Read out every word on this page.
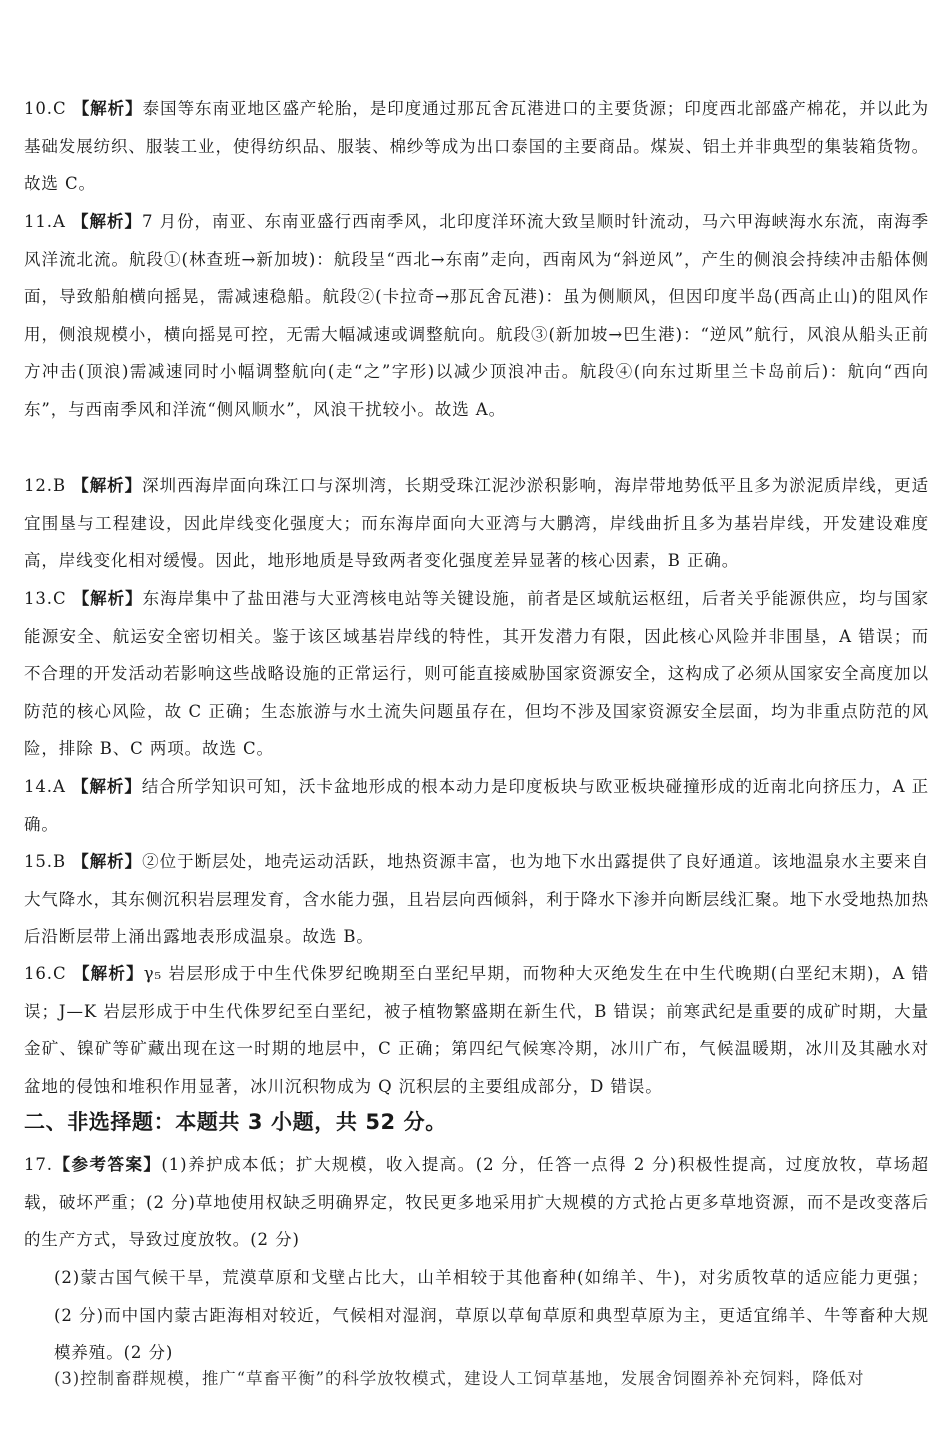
10.C 【解析】泰国等东南亚地区盛产轮胎，是印度通过那瓦舍瓦港进口的主要货源；印度西北部盛产棉花，并以此为基础发展纺织、服装工业，使得纺织品、服装、棉纱等成为出口泰国的主要商品。煤炭、铝土并非典型的集装箱货物。故选 C。
11.A 【解析】7 月份，南亚、东南亚盛行西南季风，北印度洋环流大致呈顺时针流动，马六甲海峡海水东流，南海季风洋流北流。航段①(林查班→新加坡)：航段呈“西北→东南”走向，西南风为“斜逆风”，产生的侧浪会持续冲击船体侧面，导致船舶横向摇晃，需减速稳船。航段②(卡拉奇→那瓦舍瓦港)：虽为侧顺风，但因印度半岛(西高止山)的阻风作用，侧浪规模小，横向摇晃可控，无需大幅减速或调整航向。航段③(新加坡→巴生港)：“逆风”航行，风浪从船头正前方冲击(顶浪)需减速同时小幅调整航向(走“之”字形)以减少顶浪冲击。航段④(向东过斯里兰卡岛前后)：航向“西向东”，与西南季风和洋流“侧风顺水”，风浪干扰较小。故选 A。
12.B 【解析】深圳西海岸面向珠江口与深圳湾，长期受珠江泥沙淤积影响，海岸带地势低平且多为淤泥质岸线，更适宜围垦与工程建设，因此岸线变化强度大；而东海岸面向大亚湾与大鹏湾，岸线曲折且多为基岩岸线，开发建设难度高，岸线变化相对缓慢。因此，地形地质是导致两者变化强度差异显著的核心因素，B 正确。
13.C 【解析】东海岸集中了盐田港与大亚湾核电站等关键设施，前者是区域航运枢纽，后者关乎能源供应，均与国家能源安全、航运安全密切相关。鉴于该区域基岩岸线的特性，其开发潜力有限，因此核心风险并非围垦，A 错误；而不合理的开发活动若影响这些战略设施的正常运行，则可能直接威胁国家资源安全，这构成了必须从国家安全高度加以防范的核心风险，故 C 正确；生态旅游与水土流失问题虽存在，但均不涉及国家资源安全层面，均为非重点防范的风险，排除 B、C 两项。故选 C。
14.A 【解析】结合所学知识可知，沃卡盆地形成的根本动力是印度板块与欧亚板块碰撞形成的近南北向挤压力，A 正确。
15.B 【解析】②位于断层处，地壳运动活跃，地热资源丰富，也为地下水出露提供了良好通道。该地温泉水主要来自大气降水，其东侧沉积岩层理发育，含水能力强，且岩层向西倾斜，利于降水下渗并向断层线汇聚。地下水受地热加热后沿断层带上涌出露地表形成温泉。故选 B。
16.C 【解析】γ₅ 岩层形成于中生代侏罗纪晚期至白垩纪早期，而物种大灭绝发生在中生代晚期(白垩纪末期)，A 错误；J—K 岩层形成于中生代侏罗纪至白垩纪，被子植物繁盛期在新生代，B 错误；前寒武纪是重要的成矿时期，大量金矿、镍矿等矿藏出现在这一时期的地层中，C 正确；第四纪气候寒冷期，冰川广布，气候温暖期，冰川及其融水对盆地的侵蚀和堆积作用显著，冰川沉积物成为 Q 沉积层的主要组成部分，D 错误。
二、非选择题：本题共 3 小题，共 52 分。
17.【参考答案】(1)养护成本低；扩大规模，收入提高。(2 分，任答一点得 2 分)积极性提高，过度放牧，草场超载，破坏严重；(2 分)草地使用权缺乏明确界定，牧民更多地采用扩大规模的方式抢占更多草地资源，而不是改变落后的生产方式，导致过度放牧。(2 分)
(2)蒙古国气候干旱，荒漠草原和戈壁占比大，山羊相较于其他畜种(如绵羊、牛)，对劣质牧草的适应能力更强；(2 分)而中国内蒙古距海相对较近，气候相对湿润，草原以草甸草原和典型草原为主，更适宜绵羊、牛等畜种大规模养殖。(2 分)
(3)控制畜群规模，推广“草畜平衡”的科学放牧模式，建设人工饲草基地，发展舍饲圈养补充饲料，降低对
